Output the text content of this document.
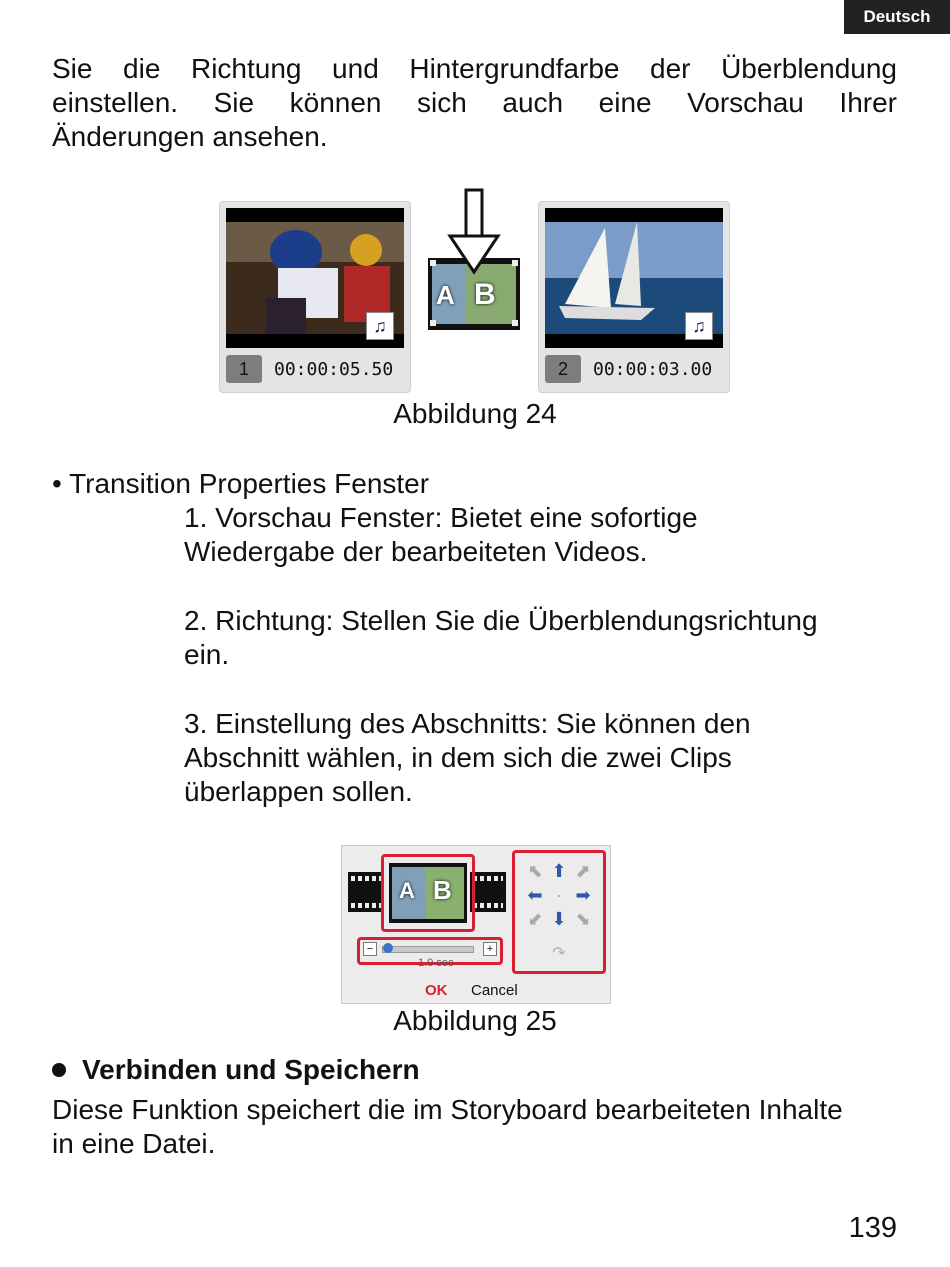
Deutsch
Sie die Richtung und Hintergrundfarbe der Überblendung
einstellen. Sie können sich auch eine Vorschau Ihrer
Änderungen ansehen.
♫
1	00:00:05.50
A B
♫
2	00:00:03.00
Abbildung 24
• Transition Properties Fenster
1. Vorschau Fenster: Bietet eine sofortige
Wiedergabe der bearbeiteten Videos.
2. Richtung: Stellen Sie die Überblendungsrichtung
ein.
3. Einstellung des Abschnitts: Sie können den
Abschnitt wählen, in dem sich die zwei Clips
überlappen sollen.
A B
⬉ ⬆ ⬈
⬅ · ➡
⬋ ⬇ ⬊
↷
−	+
1.0 sec
OK Cancel
Abbildung 25
Verbinden und Speichern
Diese Funktion speichert die im Storyboard bearbeiteten Inhalte
in eine Datei.
139
